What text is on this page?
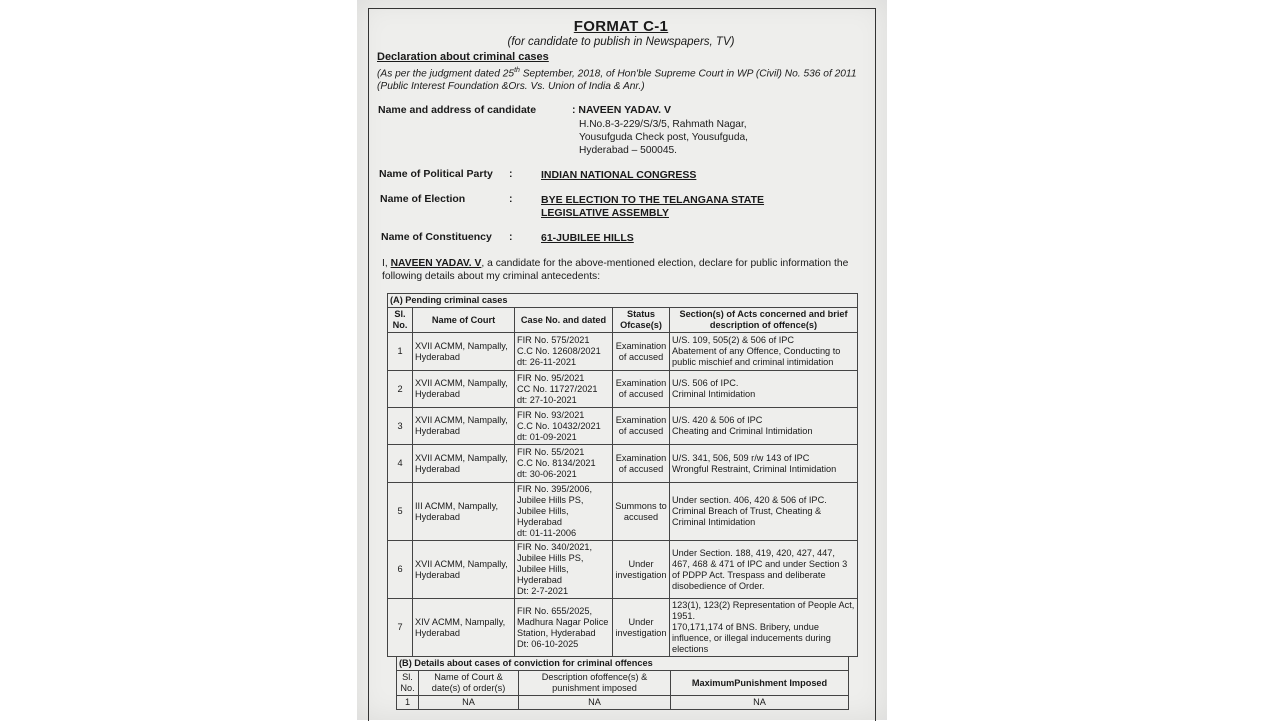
FORMAT C-1
(for candidate to publish in Newspapers, TV)
Declaration about criminal cases
(As per the judgment dated 25th September, 2018, of Hon'ble Supreme Court in WP (Civil) No. 536 of 2011 (Public Interest Foundation &Ors. Vs. Union of India & Anr.)
Name and address of candidate	: NAVEEN YADAV. V
H.No.8-3-229/S/3/5, Rahmath Nagar,
Yousufguda Check post, Yousufguda,
Hyderabad – 500045.
Name of Political Party :	INDIAN NATIONAL CONGRESS
Name of Election	:	BYE ELECTION TO THE TELANGANA STATE
LEGISLATIVE ASSEMBLY
Name of Constituency :	61-JUBILEE HILLS
I, NAVEEN YADAV. V, a candidate for the above-mentioned election, declare for public information the following details about my criminal antecedents:
(A) Pending criminal cases				
Sl. No.	Name of Court	Case No. and dated	Status Ofcase(s)	Section(s) of Acts concerned and brief description of offence(s)
1	XVII ACMM, Nampally, Hyderabad	FIR No. 575/2021
C.C No. 12608/2021
dt: 26-11-2021	Examination of accused	U/S. 109, 505(2) & 506 of IPC
Abatement of any Offence, Conducting to public mischief and criminal intimidation
2	XVII ACMM, Nampally, Hyderabad	FIR No. 95/2021
CC No. 11727/2021
dt: 27-10-2021	Examination of accused	U/S. 506 of IPC.
Criminal Intimidation
3	XVII ACMM, Nampally, Hyderabad	FIR No. 93/2021
C.C No. 10432/2021
dt: 01-09-2021	Examination of accused	U/S. 420 & 506 of IPC
Cheating and Criminal Intimidation
4	XVII ACMM, Nampally, Hyderabad	FIR No. 55/2021
C.C No. 8134/2021
dt: 30-06-2021	Examination of accused	U/S. 341, 506, 509 r/w 143 of IPC
Wrongful Restraint, Criminal Intimidation
5	III ACMM, Nampally, Hyderabad	FIR No. 395/2006,
Jubilee Hills PS,
Jubilee Hills,
Hyderabad
dt: 01-11-2006	Summons to accused	Under section. 406, 420 & 506 of IPC.
Criminal Breach of Trust, Cheating & Criminal Intimidation
6	XVII ACMM, Nampally, Hyderabad	FIR No. 340/2021,
Jubilee Hills PS,
Jubilee Hills,
Hyderabad
Dt: 2-7-2021	Under investigation	Under Section. 188, 419, 420, 427, 447, 467, 468 & 471 of IPC and under Section 3 of PDPP Act. Trespass and deliberate disobedience of Order.
7	XIV ACMM, Nampally, Hyderabad	FIR No. 655/2025,
Madhura Nagar Police Station, Hyderabad
Dt: 06-10-2025	Under investigation	123(1), 123(2) Representation of People Act, 1951.
170,171,174 of BNS. Bribery, undue influence, or illegal inducements during elections
(B) Details about cases of conviction for criminal offences			
Sl. No.	Name of Court & date(s) of order(s)	Description ofoffence(s) & punishment imposed	MaximumPunishment Imposed
1	NA	NA	NA
